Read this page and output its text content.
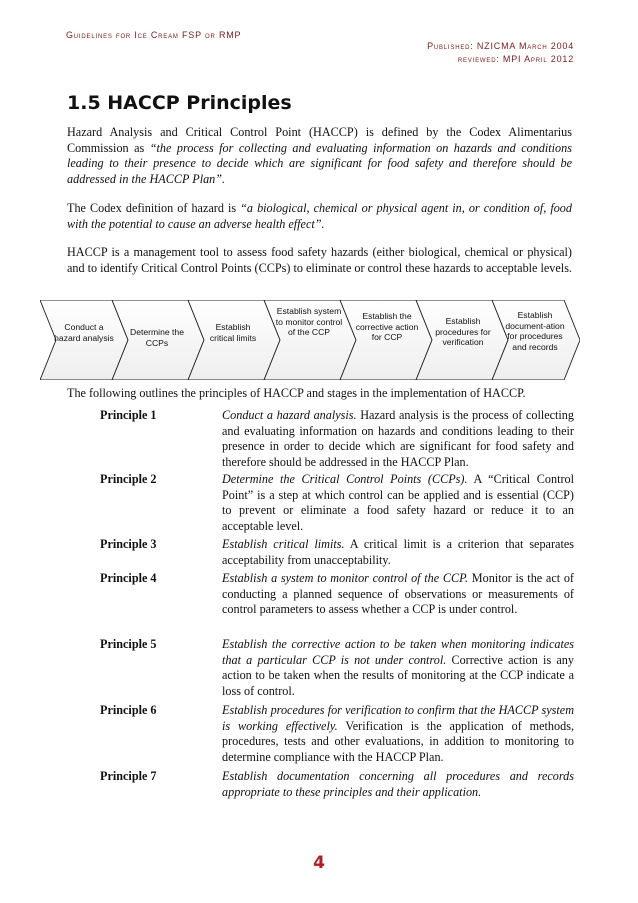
Guidelines for Ice Cream FSP or RMP
Published: NZICMA March 2004
reviewed: MPI April 2012
1.5 HACCP Principles

Hazard Analysis and Critical Control Point (HACCP) is defined by the Codex Alimentarius Commission as “the process for collecting and evaluating information on hazards and conditions leading to their presence to decide which are significant for food safety and therefore should be addressed in the HACCP Plan”.

The Codex definition of hazard is “a biological, chemical or physical agent in, or condition of, food with the potential to cause an adverse health effect”.

HACCP is a management tool to assess food safety hazards (either biological, chemical or physical) and to identify Critical Control Points (CCPs) to eliminate or control these hazards to acceptable levels.

Conduct a hazard analysis
Determine the CCPs
Establish critical limits
Establish system to monitor control of the CCP
Establish the corrective action for CCP
Establish procedures for verification
Establish document-ation for procedures and records
The following outlines the principles of HACCP and stages in the implementation of HACCP.
Principle 1	Conduct a hazard analysis. Hazard analysis is the process of collecting and evaluating information on hazards and conditions leading to their presence in order to decide which are significant for food safety and therefore should be addressed in the HACCP Plan.
Principle 2	Determine the Critical Control Points (CCPs). A “Critical Control Point” is a step at which control can be applied and is essential (CCP) to prevent or eliminate a food safety hazard or reduce it to an acceptable level.
Principle 3	Establish critical limits. A critical limit is a criterion that separates acceptability from unacceptability.
Principle 4	Establish a system to monitor control of the CCP. Monitor is the act of conducting a planned sequence of observations or measurements of control parameters to assess whether a CCP is under control.
Principle 5	Establish the corrective action to be taken when monitoring indicates that a particular CCP is not under control. Corrective action is any action to be taken when the results of monitoring at the CCP indicate a loss of control.
Principle 6	Establish procedures for verification to confirm that the HACCP system is working effectively. Verification is the application of methods, procedures, tests and other evaluations, in addition to monitoring to determine compliance with the HACCP Plan.
Principle 7	Establish documentation concerning all procedures and records appropriate to these principles and their application.
4
